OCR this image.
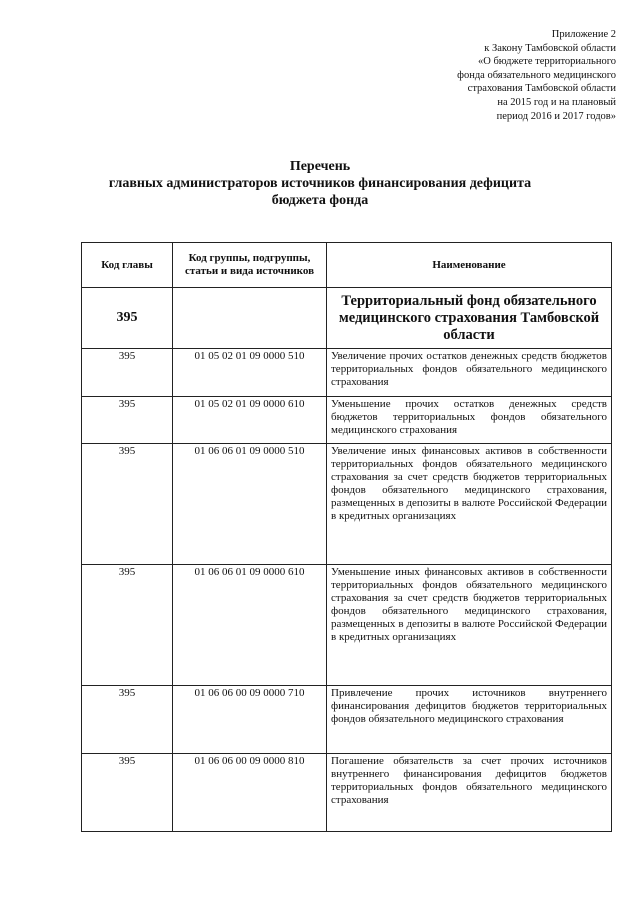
Приложение 2
к Закону Тамбовской области
«О бюджете территориального
фонда обязательного медицинского
страхования Тамбовской области
на 2015 год и на плановый
период 2016 и 2017 годов»
Перечень
главных администраторов источников финансирования дефицита
бюджета фонда
Код главы	Код группы, подгруппы, статьи и вида источников	Наименование
395		Территориальный фонд обязательного медицинского страхования Тамбовской области
395	01 05 02 01 09 0000 510	Увеличение прочих остатков денежных средств бюджетов территориальных фондов обязательного медицинского страхования
395	01 05 02 01 09 0000 610	Уменьшение прочих остатков денежных средств бюджетов территориальных фондов обязательного медицинского страхования
395	01 06 06 01 09 0000 510	Увеличение иных финансовых активов в собственности территориальных фондов обязательного медицинского страхования за счет средств бюджетов территориальных фондов обязательного медицинского страхования, размещенных в депозиты в валюте Российской Федерации в кредитных организациях
395	01 06 06 01 09 0000 610	Уменьшение иных финансовых активов в собственности территориальных фондов обязательного медицинского страхования за счет средств бюджетов территориальных фондов обязательного медицинского страхования, размещенных в депозиты в валюте Российской Федерации в кредитных организациях
395	01 06 06 00 09 0000 710	Привлечение прочих источников внутреннего финансирования дефицитов бюджетов территориальных фондов обязательного медицинского страхования
395	01 06 06 00 09 0000 810	Погашение обязательств за счет прочих источников внутреннего финансирования дефицитов бюджетов территориальных фондов обязательного медицинского страхования
